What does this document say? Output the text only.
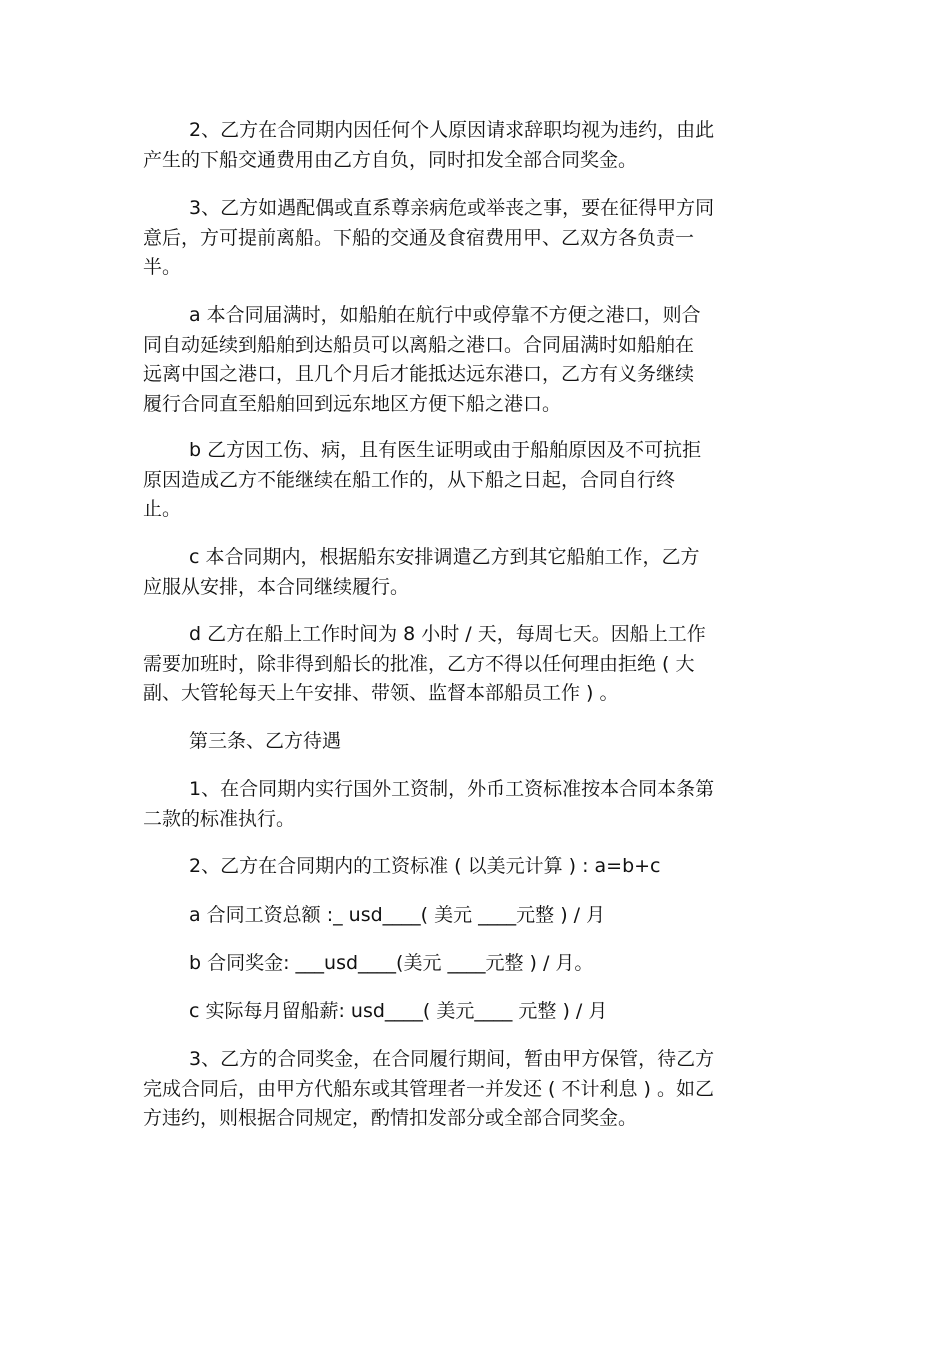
2、乙方在合同期内因任何个人原因请求辞职均视为违约，由此
产生的下船交通费用由乙方自负，同时扣发全部合同奖金。
3、乙方如遇配偶或直系尊亲病危或举丧之事，要在征得甲方同
意后，方可提前离船。下船的交通及食宿费用甲、乙双方各负责一
半。
a 本合同届满时，如船舶在航行中或停靠不方便之港口，则合
同自动延续到船舶到达船员可以离船之港口。合同届满时如船舶在
远离中国之港口，且几个月后才能抵达远东港口，乙方有义务继续
履行合同直至船舶回到远东地区方便下船之港口。
b 乙方因工伤、病，且有医生证明或由于船舶原因及不可抗拒
原因造成乙方不能继续在船工作的，从下船之日起，合同自行终
止。
c 本合同期内，根据船东安排调遣乙方到其它船舶工作，乙方
应服从安排，本合同继续履行。
d 乙方在船上工作时间为 8 小时 / 天，每周七天。因船上工作
需要加班时，除非得到船长的批准，乙方不得以任何理由拒绝 ( 大
副、大管轮每天上午安排、带领、监督本部船员工作 ) 。
第三条、乙方待遇
1、在合同期内实行国外工资制，外币工资标准按本合同本条第
二款的标准执行。
2、乙方在合同期内的工资标准 ( 以美元计算 ) : a=b+c
a 合同工资总额 :_ usd____( 美元 ____元整 ) / 月
b 合同奖金: ___usd____(美元 ____元整 ) / 月。
c 实际每月留船薪: usd____( 美元____ 元整 ) / 月
3、乙方的合同奖金，在合同履行期间，暂由甲方保管，待乙方
完成合同后，由甲方代船东或其管理者一并发还 ( 不计利息 ) 。如乙
方违约，则根据合同规定，酌情扣发部分或全部合同奖金。
